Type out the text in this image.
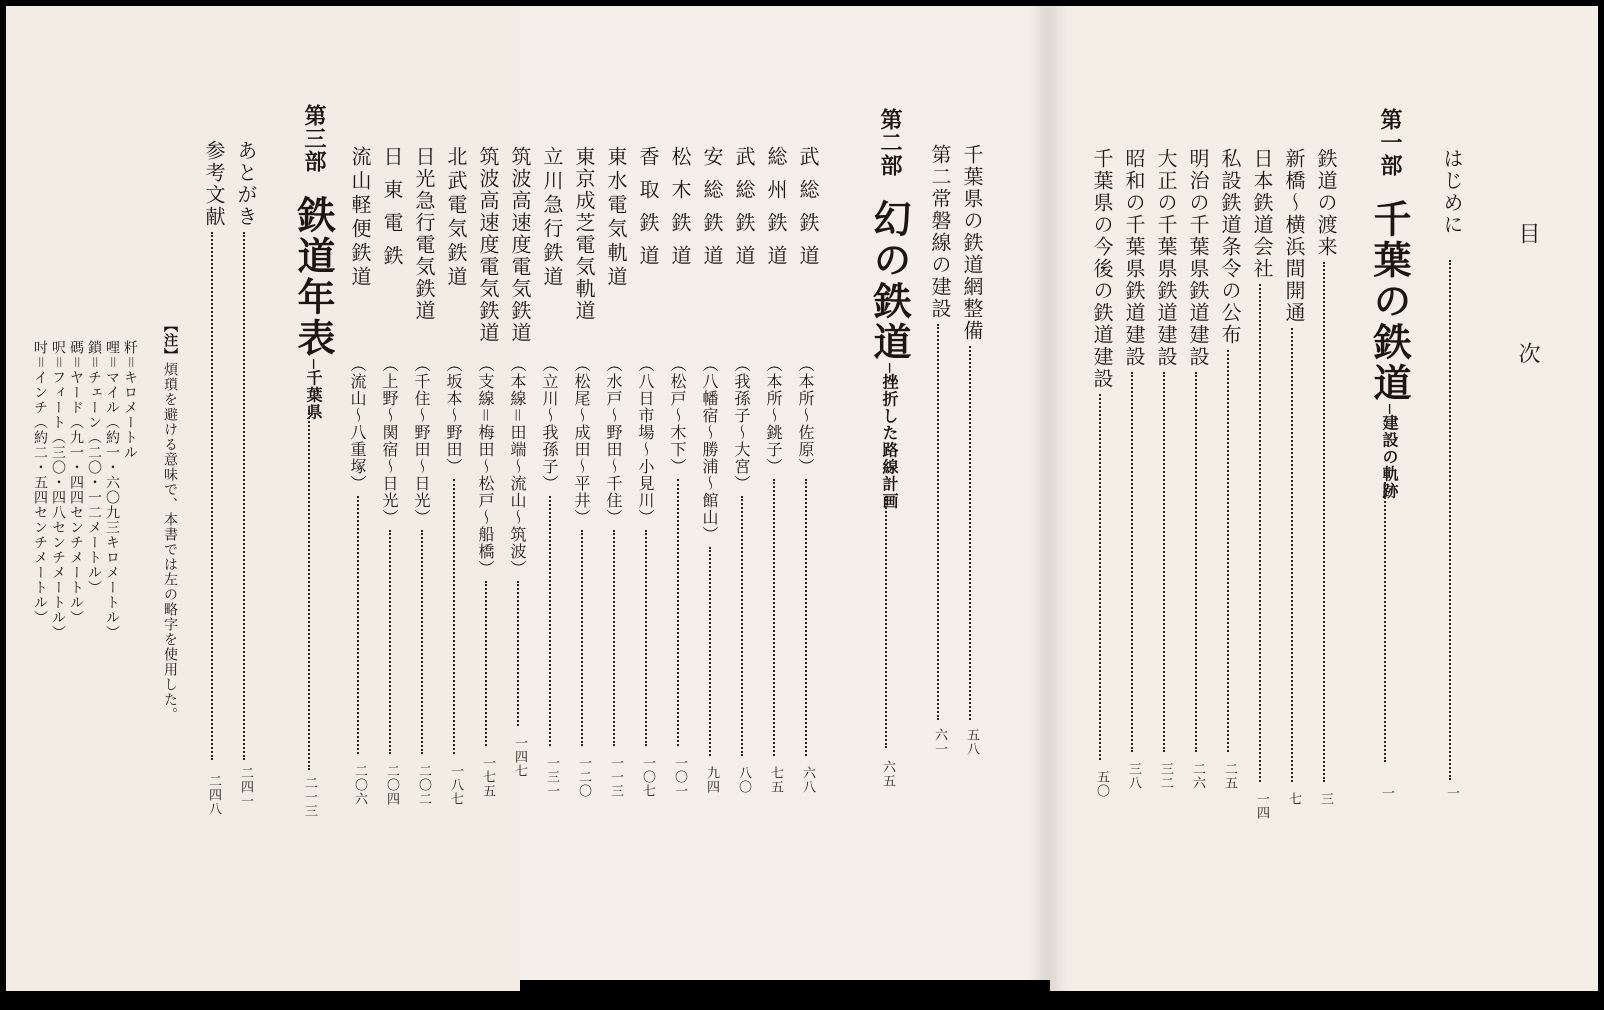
目　次
はじめに
一
第一部千葉の鉄道─建設の軌跡
一
第二部幻の鉄道─挫折した路線計画
六五
第三部鉄道年表─千葉県
二一三
鉄道の渡来
三
新橋～横浜間開通
七
日本鉄道会社
一四
私設鉄道条令の公布
二五
明治の千葉県鉄道建設
二六
大正の千葉県鉄道建設
三二
昭和の千葉県鉄道建設
三八
千葉県の今後の鉄道建設
五〇
千葉県の鉄道網整備
五八
第二常磐線の建設
六一
武総鉄道
（本所～佐原）
六八
総州鉄道
（本所～銚子）
七五
武総鉄道
（我孫子～大宮）
八〇
安総鉄道
（八幡宿～勝浦～館山）
九四
松木鉄道
（松戸～木下）
一〇一
香取鉄道
（八日市場～小見川）
一〇七
東水電気軌道
（水戸～野田～千住）
一一三
東京成芝電気軌道
（松尾～成田～平井）
一二〇
立川急行鉄道
（立川～我孫子）
一三一
筑波高速度電気鉄道
（本線＝田端～流山～筑波）
一四七
筑波高速度電気鉄道
（支線＝梅田～松戸～船橋）
一七五
北武電気鉄道
（坂本～野田）
一八七
日光急行電気鉄道
（千住～野田～日光）
二〇二
日東電鉄
（上野～関宿～日光）
二〇四
流山軽便鉄道
（流山～八重塚）
二〇六
あとがき
二四一
参考文献
二四八
【注】
煩瑣を避ける意味で、本書では左の略字を使用した。
粁＝キロメートル
哩＝マイル（約一・六〇九三キロメートル）
鎖＝チェーン（二〇・一二メートル）
碼＝ヤード（九一・四四センチメートル）
呎＝フィート（三〇・四八センチメートル）
吋＝インチ（約二・五四センチメートル）
